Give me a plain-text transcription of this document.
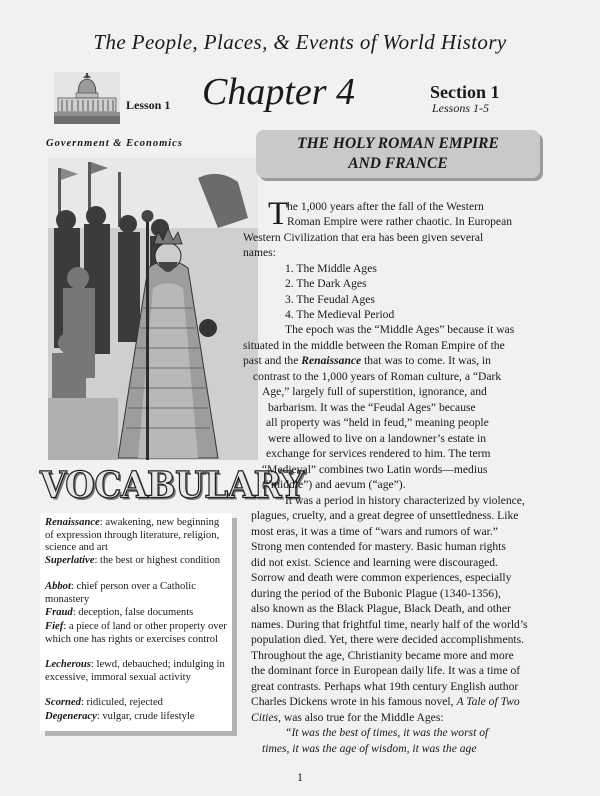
The People, Places, & Events of World History
Lesson 1 Chapter 4	Section 1
Lessons 1-5
Government & Economics
VOCABULARY
Renaissance: awakening, new beginning of expression through literature, religion, science and art
Superlative: the best or highest condition
Abbot: chief person over a Catholic monastery
Fraud: deception, false documents
Fief: a piece of land or other property over which one has rights or exercises control
Lecherous: lewd, debauched; indulging in excessive, immoral sexual activity
Scorned: ridiculed, rejected
Degeneracy: vulgar, crude lifestyle
THE HOLY ROMAN EMPIRE
AND FRANCE
T
he 1,000 years after the fall of the Western
Roman Empire were rather chaotic. In European
Western Civilization that era has been given several
names:
1. The Middle Ages
2. The Dark Ages
3. The Feudal Ages
4. The Medieval Period
The epoch was the “Middle Ages” because it was
situated in the middle between the Roman Empire of the
past and the Renaissance that was to come. It was, in
contrast to the 1,000 years of Roman culture, a “Dark
Age,” largely full of superstition, ignorance, and
barbarism. It was the “Feudal Ages” because
all property was “held in feud,” meaning people
were allowed to live on a landowner’s estate in
exchange for services rendered to him. The term
“Medieval” combines two Latin words—medius
(“middle”) and aevum (“age”).
It was a period in history characterized by violence,
plagues, cruelty, and a great degree of unsettledness. Like
most eras, it was a time of “wars and rumors of war.”
Strong men contended for mastery. Basic human rights
did not exist. Science and learning were discouraged.
Sorrow and death were common experiences, especially
during the period of the Bubonic Plague (1340-1356),
also known as the Black Plague, Black Death, and other
names. During that frightful time, nearly half of the world’s
population died. Yet, there were decided accomplishments.
Throughout the age, Christianity became more and more
the dominant force in European daily life. It was a time of
great contrasts. Perhaps what 19th century English author
Charles Dickens wrote in his famous novel, A Tale of Two
Cities, was also true for the Middle Ages:
“It was the best of times, it was the worst of
times, it was the age of wisdom, it was the age
1
